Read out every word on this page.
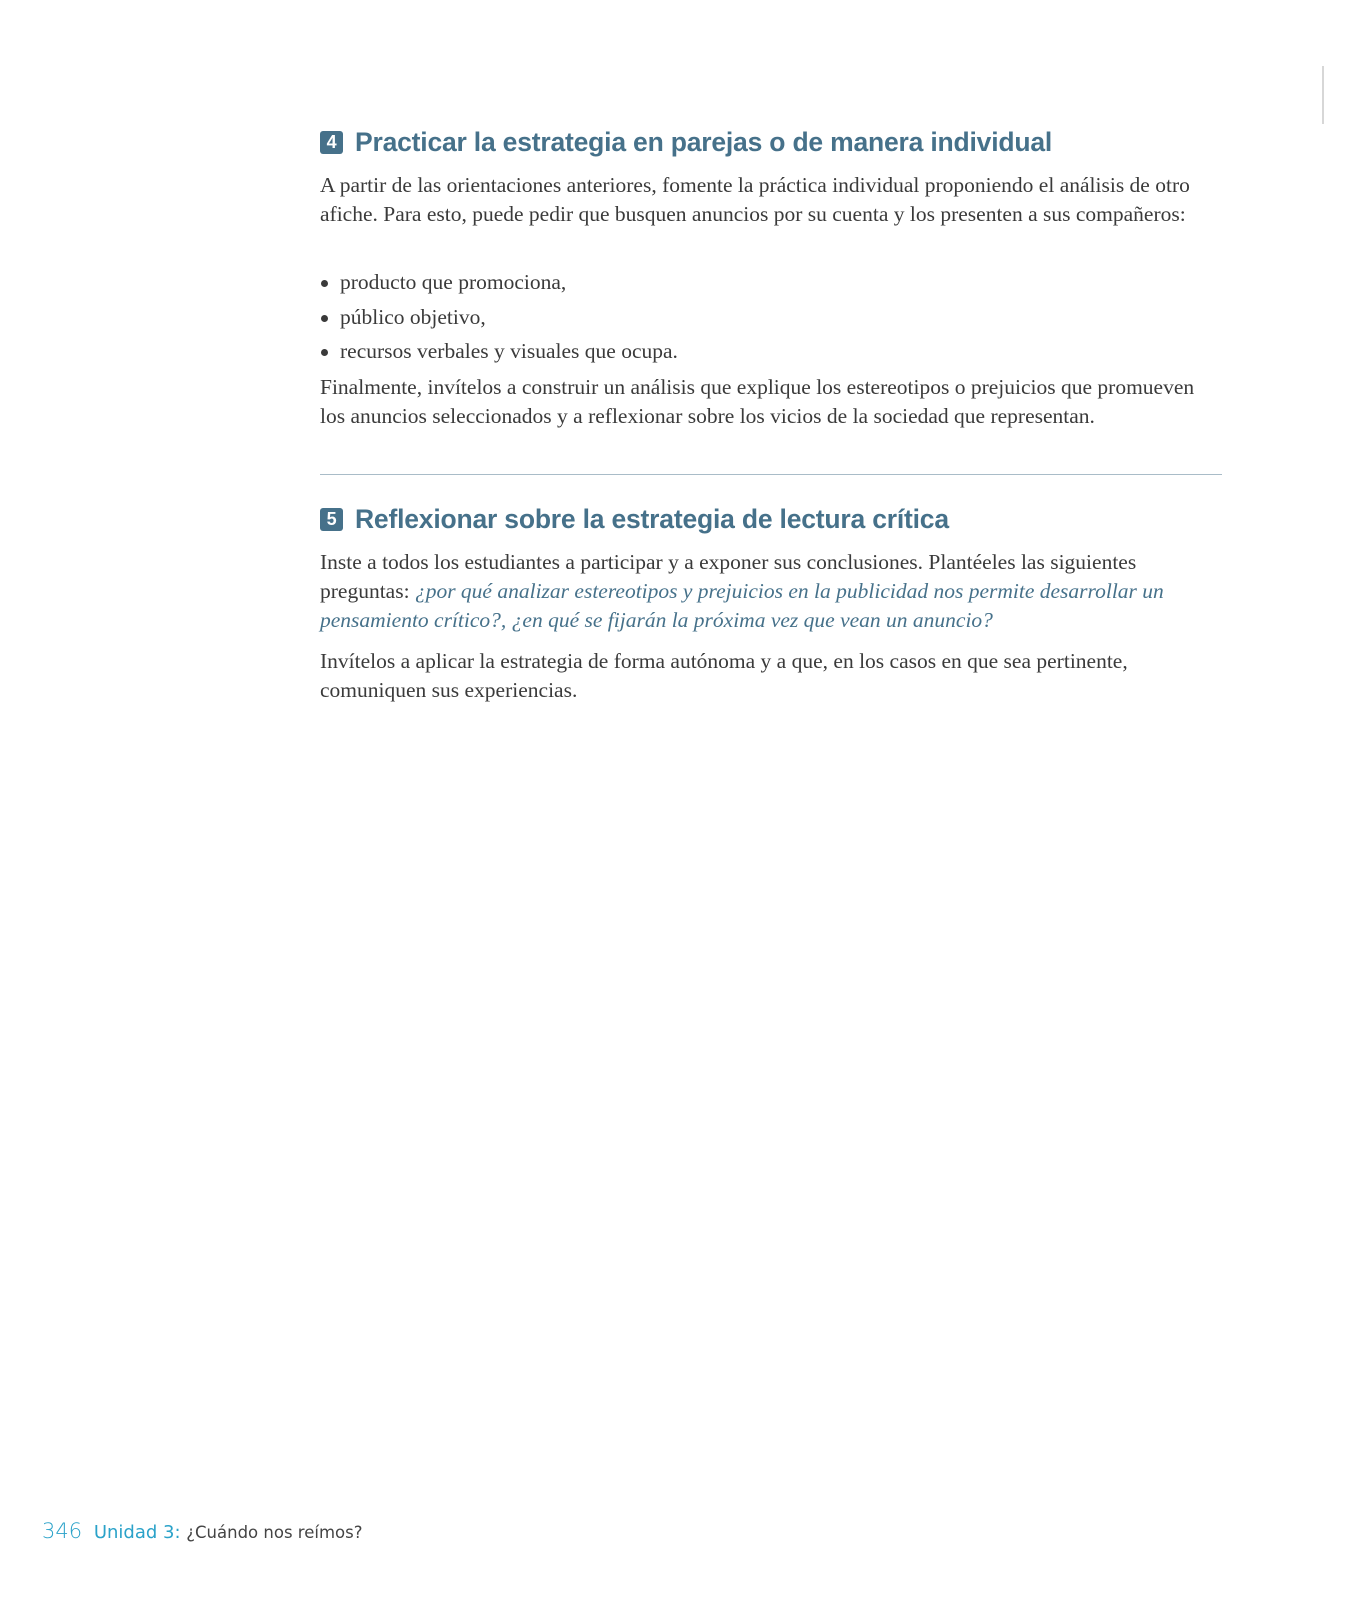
4 Practicar la estrategia en parejas o de manera individual

A partir de las orientaciones anteriores, fomente la práctica individual proponiendo el análisis de otro afiche. Para esto, puede pedir que busquen anuncios por su cuenta y los presenten a sus compañeros:

producto que promociona,
público objetivo,
recursos verbales y visuales que ocupa.

Finalmente, invítelos a construir un análisis que explique los estereotipos o prejuicios que promueven los anuncios seleccionados y a reflexionar sobre los vicios de la sociedad que representan.

5 Reflexionar sobre la estrategia de lectura crítica

Inste a todos los estudiantes a participar y a exponer sus conclusiones. Plantéeles las siguientes preguntas: ¿por qué analizar estereotipos y prejuicios en la publicidad nos permite desarrollar un pensamiento crítico?, ¿en qué se fijarán la próxima vez que vean un anuncio?

Invítelos a aplicar la estrategia de forma autónoma y a que, en los casos en que sea pertinente, comuniquen sus experiencias.

346 Unidad 3: ¿Cuándo nos reímos?
